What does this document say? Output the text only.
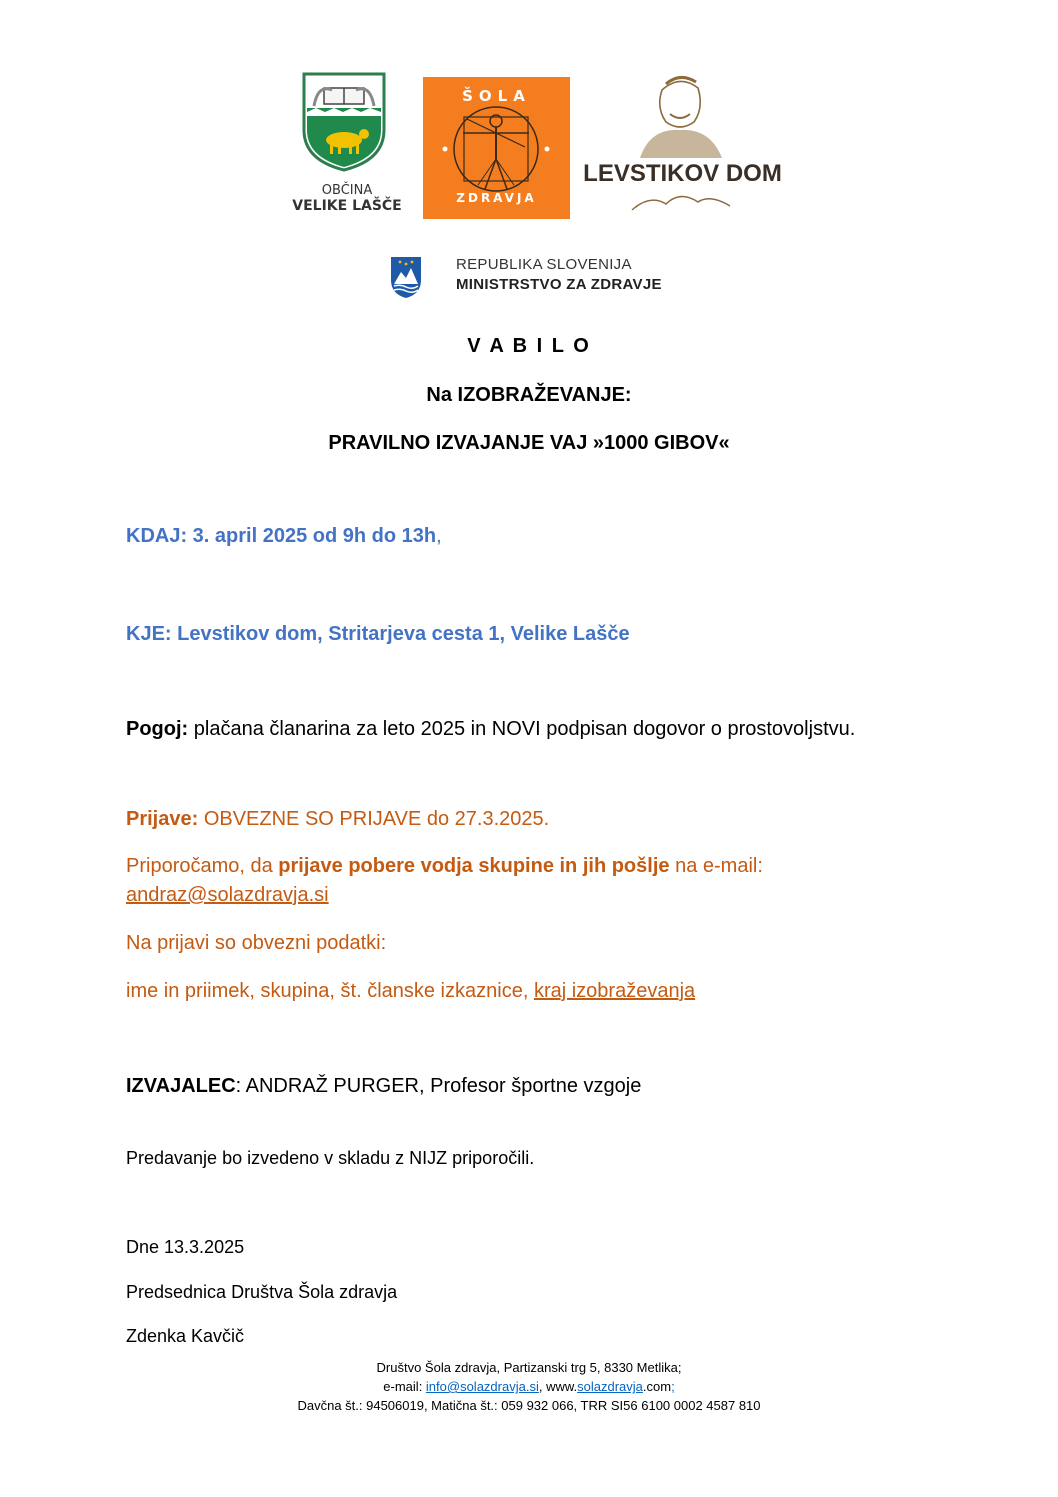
OBČINA
VELIKE LAŠČE
ŠOLA
ZDRAVJA
LEVSTIKOV DOM
REPUBLIKA SLOVENIJA
MINISTRSTVO ZA ZDRAVJE
V A B I L O
Na IZOBRAŽEVANJE:
PRAVILNO IZVAJANJE VAJ »1000 GIBOV«
KDAJ: 3. april 2025 od 9h do 13h,
KJE: Levstikov dom, Stritarjeva cesta 1, Velike Lašče
Pogoj: plačana članarina za leto 2025 in NOVI podpisan dogovor o prostovoljstvu.
Prijave: OBVEZNE SO PRIJAVE do 27.3.2025.
Priporočamo, da prijave pobere vodja skupine in jih pošlje na e-mail:
andraz@solazdravja.si
Na prijavi so obvezni podatki:
ime in priimek, skupina, št. članske izkaznice, kraj izobraževanja
IZVAJALEC: ANDRAŽ PURGER, Profesor športne vzgoje
Predavanje bo izvedeno v skladu z NIJZ priporočili.
Dne 13.3.2025
Predsednica Društva Šola zdravja
Zdenka Kavčič
Društvo Šola zdravja, Partizanski trg 5, 8330 Metlika;
e-mail: info@solazdravja.si, www.solazdravja.com;
Davčna št.: 94506019, Matična št.: 059 932 066, TRR SI56 6100 0002 4587 810
